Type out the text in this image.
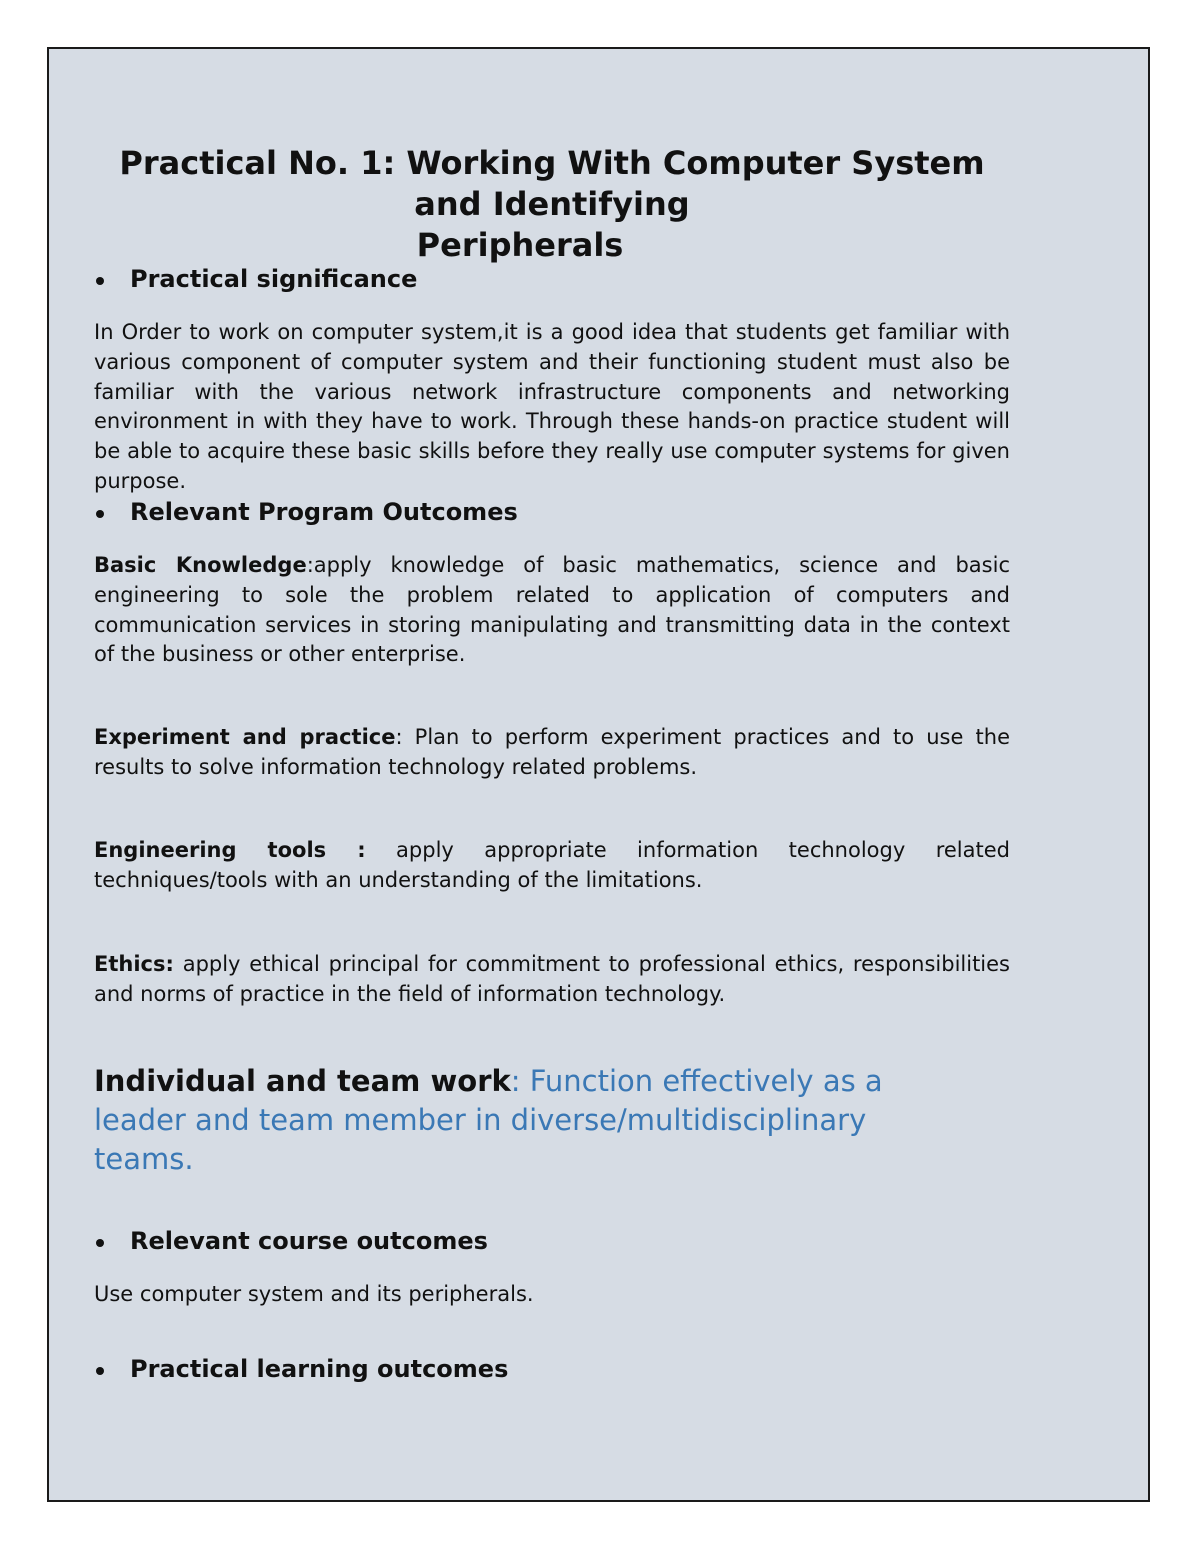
Practical No. 1: Working With Computer System
and Identifying
Peripherals
Practical significance

In Order to work on computer system,it is a good idea that students get familiar with various component of computer system and their functioning student must also be familiar with the various network infrastructure components and networking environment in with they have to work. Through these hands-on practice student will be able to acquire these basic skills before they really use computer systems for given purpose.

Relevant Program Outcomes

Basic Knowledge:apply knowledge of basic mathematics, science and basic engineering to sole the problem related to application of computers and communication services in storing manipulating and transmitting data in the context of the business or other enterprise.

Experiment and practice: Plan to perform experiment practices and to use the results to solve information technology related problems.

Engineering tools : apply appropriate information technology related techniques/tools with an understanding of the limitations.

Ethics: apply ethical principal for commitment to professional ethics, responsibilities and norms of practice in the field of information technology.

Individual and team work: Function effectively as a leader and team member in diverse/multidisciplinary teams.

Relevant course outcomes

Use computer system and its peripherals.

Practical learning outcomes
